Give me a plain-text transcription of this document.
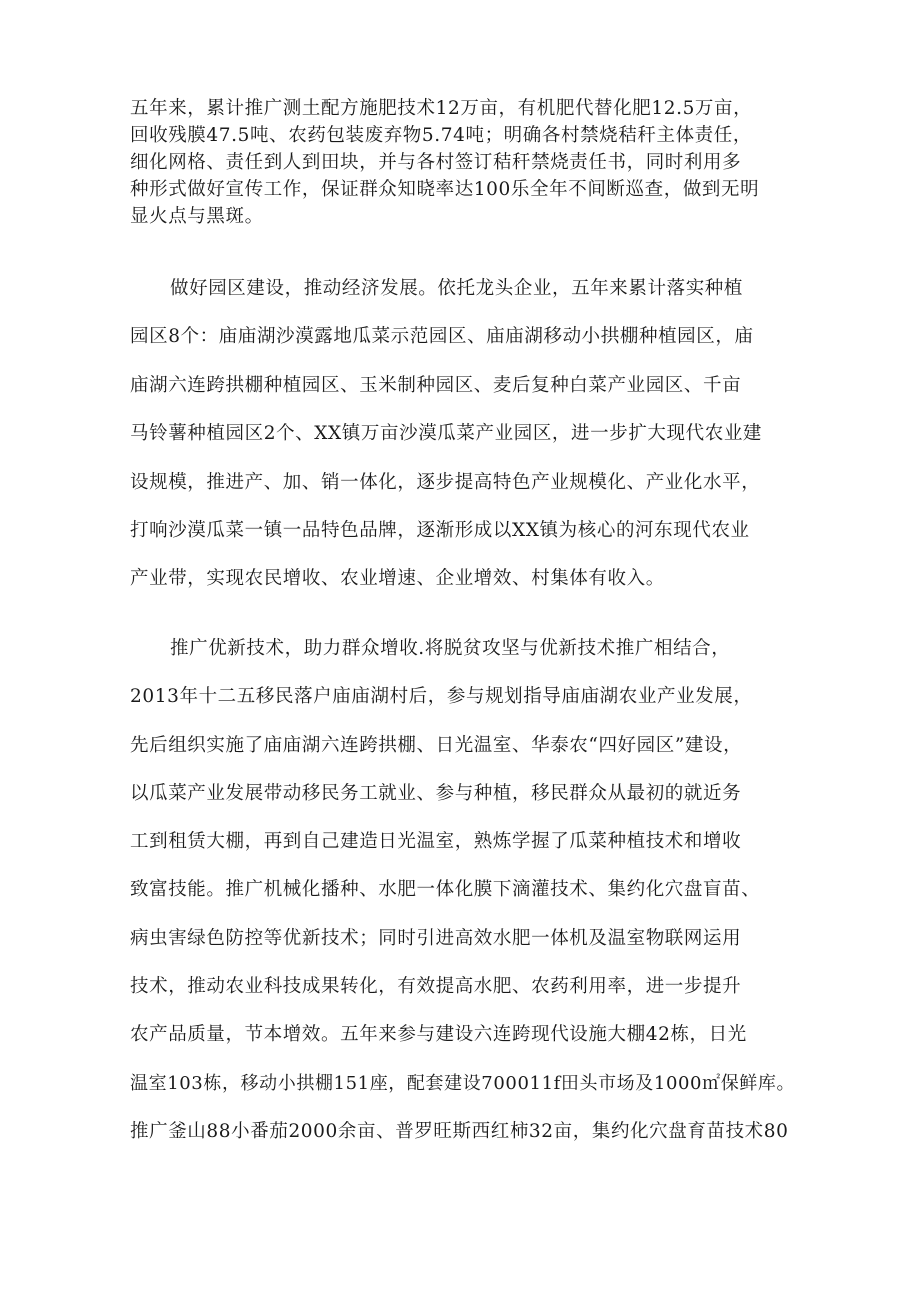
五年来，累计推广测土配方施肥技术12万亩，有机肥代替化肥12.5万亩，
回收残膜47.5吨、农药包装废弃物5.74吨；明确各村禁烧秸秆主体责任，
细化网格、责任到人到田块，并与各村签订秸秆禁烧责任书，同时利用多
种形式做好宣传工作，保证群众知晓率达100乐全年不间断巡查，做到无明
显火点与黑斑。
做好园区建设，推动经济发展。依托龙头企业，五年来累计落实种植
园区8个：庙庙湖沙漠露地瓜菜示范园区、庙庙湖移动小拱棚种植园区，庙
庙湖六连跨拱棚种植园区、玉米制种园区、麦后复种白菜产业园区、千亩
马铃薯种植园区2个、XX镇万亩沙漠瓜菜产业园区，进一步扩大现代农业建
设规模，推进产、加、销一体化，逐步提高特色产业规模化、产业化水平，
打响沙漠瓜菜一镇一品特色品牌，逐渐形成以XX镇为核心的河东现代农业
产业带，实现农民增收、农业增速、企业增效、村集体有收入。
推广优新技术，助力群众增收.将脱贫攻坚与优新技术推广相结合，
2013年十二五移民落户庙庙湖村后，参与规划指导庙庙湖农业产业发展，
先后组织实施了庙庙湖六连跨拱棚、日光温室、华泰农“四好园区”建设，
以瓜菜产业发展带动移民务工就业、参与种植，移民群众从最初的就近务
工到租赁大棚，再到自己建造日光温室，熟炼学握了瓜菜种植技术和增收
致富技能。推广机械化播种、水肥一体化膜下滴灌技术、集约化穴盘盲苗、
病虫害绿色防控等优新技术；同时引进高效水肥一体机及温室物联网运用
技术，推动农业科技成果转化，有效提高水肥、农药利用率，进一步提升
农产品质量，节本增效。五年来参与建设六连跨现代设施大棚42栋，日光
温室103栋，移动小拱棚151座，配套建设700011f田头市场及1000㎡保鲜库。
推广釜山88小番茄2000余亩、普罗旺斯西红柿32亩，集约化穴盘育苗技术80
